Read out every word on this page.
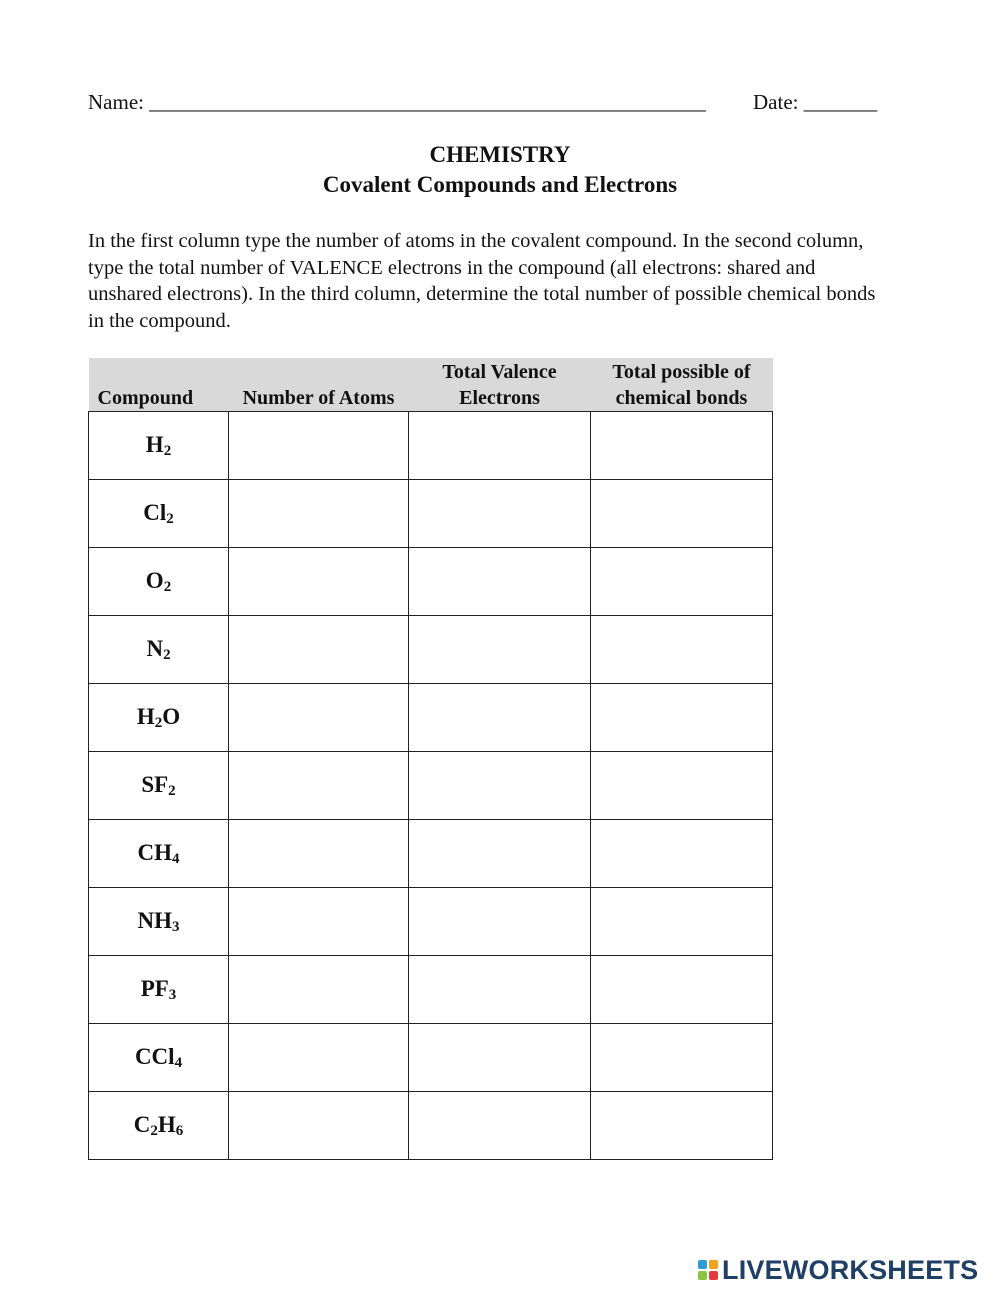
Name: _____________________________________________________ Date: _______
CHEMISTRY
Covalent Compounds and Electrons
In the first column type the number of atoms in the covalent compound. In the second column, type the total number of VALENCE electrons in the compound (all electrons: shared and unshared electrons). In the third column, determine the total number of possible chemical bonds in the compound.
Compound	Number of Atoms	Total Valence Electrons	Total possible of chemical bonds
$H_2$			
$Cl_2$			
$O_2$			
$N_2$			
$H_2O$			
$SF_2$			
$CH_4$			
$NH_3$			
$PF_3$			
CCl$_4$			
$C_2H_6$			
LIVEWORKSHEETS
